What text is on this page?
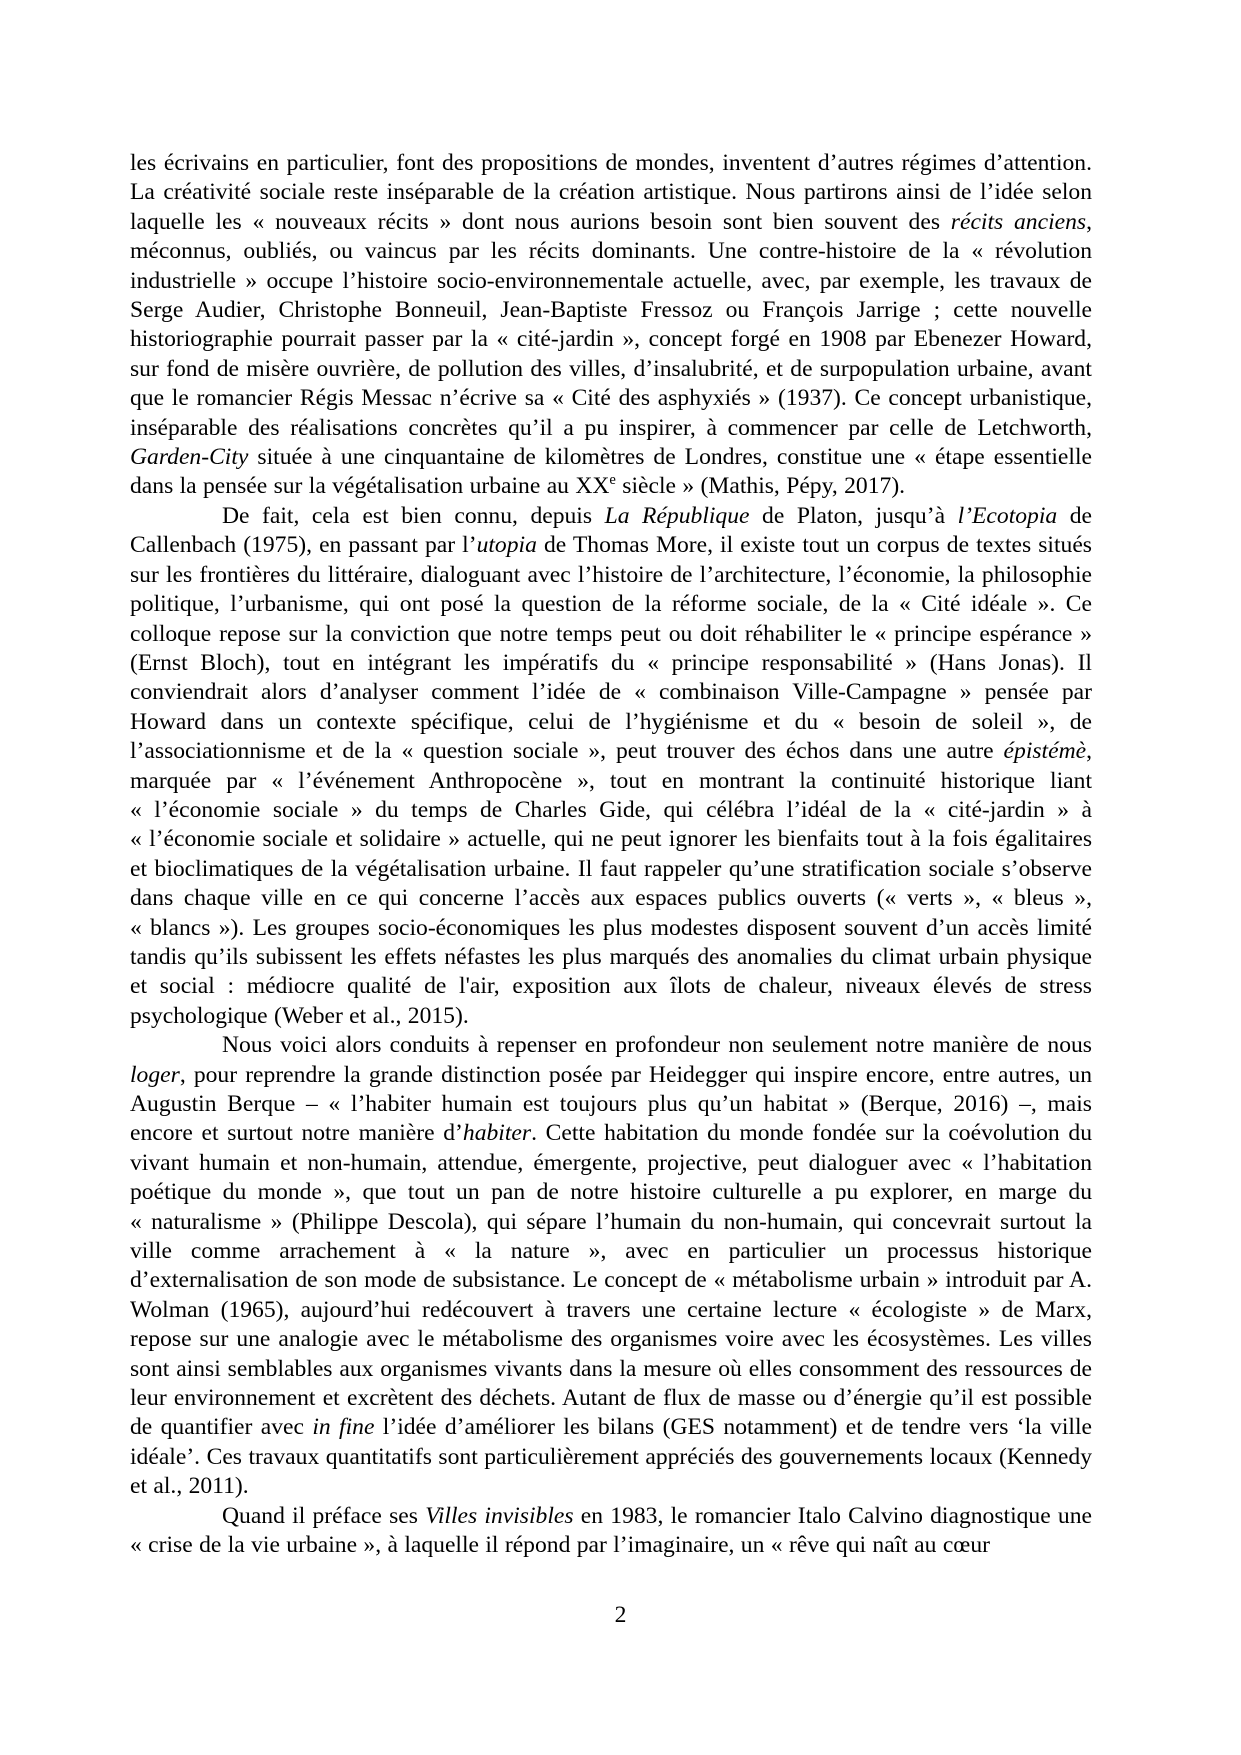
les écrivains en particulier, font des propositions de mondes, inventent d’autres régimes d’attention. La créativité sociale reste inséparable de la création artistique. Nous partirons ainsi de l’idée selon laquelle les « nouveaux récits » dont nous aurions besoin sont bien souvent des récits anciens, méconnus, oubliés, ou vaincus par les récits dominants. Une contre-histoire de la « révolution industrielle » occupe l’histoire socio-environnementale actuelle, avec, par exemple, les travaux de Serge Audier, Christophe Bonneuil, Jean-Baptiste Fressoz ou François Jarrige ; cette nouvelle historiographie pourrait passer par la « cité-jardin », concept forgé en 1908 par Ebenezer Howard, sur fond de misère ouvrière, de pollution des villes, d’insalubrité, et de surpopulation urbaine, avant que le romancier Régis Messac n’écrive sa « Cité des asphyxiés » (1937). Ce concept urbanistique, inséparable des réalisations concrètes qu’il a pu inspirer, à commencer par celle de Letchworth, Garden-City située à une cinquantaine de kilomètres de Londres, constitue une « étape essentielle dans la pensée sur la végétalisation urbaine au XXe siècle » (Mathis, Pépy, 2017).

De fait, cela est bien connu, depuis La République de Platon, jusqu’à l’Ecotopia de Callenbach (1975), en passant par l’utopia de Thomas More, il existe tout un corpus de textes situés sur les frontières du littéraire, dialoguant avec l’histoire de l’architecture, l’économie, la philosophie politique, l’urbanisme, qui ont posé la question de la réforme sociale, de la « Cité idéale ». Ce colloque repose sur la conviction que notre temps peut ou doit réhabiliter le « principe espérance » (Ernst Bloch), tout en intégrant les impératifs du « principe responsabilité » (Hans Jonas). Il conviendrait alors d’analyser comment l’idée de « combinaison Ville-Campagne » pensée par Howard dans un contexte spécifique, celui de l’hygiénisme et du « besoin de soleil », de l’associationnisme et de la « question sociale », peut trouver des échos dans une autre épistémè, marquée par « l’événement Anthropocène », tout en montrant la continuité historique liant « l’économie sociale » du temps de Charles Gide, qui célébra l’idéal de la « cité-jardin » à « l’économie sociale et solidaire » actuelle, qui ne peut ignorer les bienfaits tout à la fois égalitaires et bioclimatiques de la végétalisation urbaine. Il faut rappeler qu’une stratification sociale s’observe dans chaque ville en ce qui concerne l’accès aux espaces publics ouverts (« verts », « bleus », « blancs »). Les groupes socio-économiques les plus modestes disposent souvent d’un accès limité tandis qu’ils subissent les effets néfastes les plus marqués des anomalies du climat urbain physique et social : médiocre qualité de l'air, exposition aux îlots de chaleur, niveaux élevés de stress psychologique (Weber et al., 2015).

Nous voici alors conduits à repenser en profondeur non seulement notre manière de nous loger, pour reprendre la grande distinction posée par Heidegger qui inspire encore, entre autres, un Augustin Berque – « l’habiter humain est toujours plus qu’un habitat » (Berque, 2016) –, mais encore et surtout notre manière d’habiter. Cette habitation du monde fondée sur la coévolution du vivant humain et non-humain, attendue, émergente, projective, peut dialoguer avec « l’habitation poétique du monde », que tout un pan de notre histoire culturelle a pu explorer, en marge du « naturalisme » (Philippe Descola), qui sépare l’humain du non-humain, qui concevrait surtout la ville comme arrachement à « la nature », avec en particulier un processus historique d’externalisation de son mode de subsistance. Le concept de « métabolisme urbain » introduit par A. Wolman (1965), aujourd’hui redécouvert à travers une certaine lecture « écologiste » de Marx, repose sur une analogie avec le métabolisme des organismes voire avec les écosystèmes. Les villes sont ainsi semblables aux organismes vivants dans la mesure où elles consomment des ressources de leur environnement et excrètent des déchets. Autant de flux de masse ou d’énergie qu’il est possible de quantifier avec in fine l’idée d’améliorer les bilans (GES notamment) et de tendre vers ‘la ville idéale’. Ces travaux quantitatifs sont particulièrement appréciés des gouvernements locaux (Kennedy et al., 2011).

Quand il préface ses Villes invisibles en 1983, le romancier Italo Calvino diagnostique une « crise de la vie urbaine », à laquelle il répond par l’imaginaire, un « rêve qui naît au cœur

2
